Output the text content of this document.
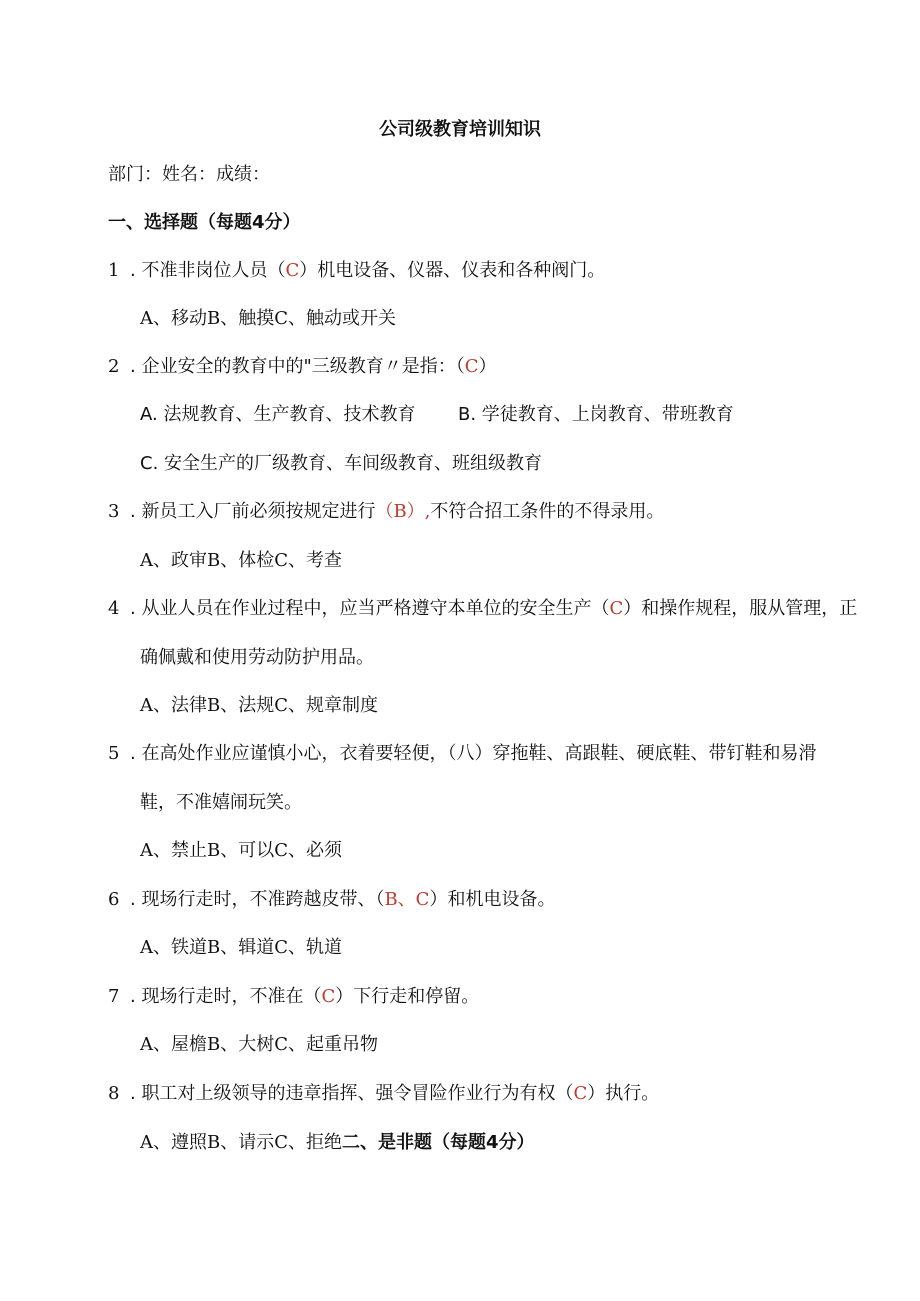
公司级教育培训知识
部门：姓名：成绩：
一、选择题（每题4分）
1 . 不准非岗位人员（C）机电设备、仪器、仪表和各种阀门。
A、移动B、触摸C、触动或开关
2 . 企业安全的教育中的"三级教育〃是指：（C）
A. 法规教育、生产教育、技术教育 B. 学徒教育、上岗教育、带班教育
C. 安全生产的厂级教育、车间级教育、班组级教育
3 . 新员工入厂前必须按规定进行（B）,不符合招工条件的不得录用。
A、政审B、体检C、考查
4 . 从业人员在作业过程中，应当严格遵守本单位的安全生产（C）和操作规程，服从管理，正
确佩戴和使用劳动防护用品。
A、法律B、法规C、规章制度
5 . 在高处作业应谨慎小心，衣着要轻便，（八）穿拖鞋、高跟鞋、硬底鞋、带钉鞋和易滑
鞋，不准嬉闹玩笑。
A、禁止B、可以C、必须
6 . 现场行走时，不准跨越皮带、（B、C）和机电设备。
A、铁道B、辑道C、轨道
7 . 现场行走时，不准在（C）下行走和停留。
A、屋檐B、大树C、起重吊物
8 . 职工对上级领导的违章指挥、强令冒险作业行为有权（C）执行。
A、遵照B、请示C、拒绝二、是非题（每题4分）
